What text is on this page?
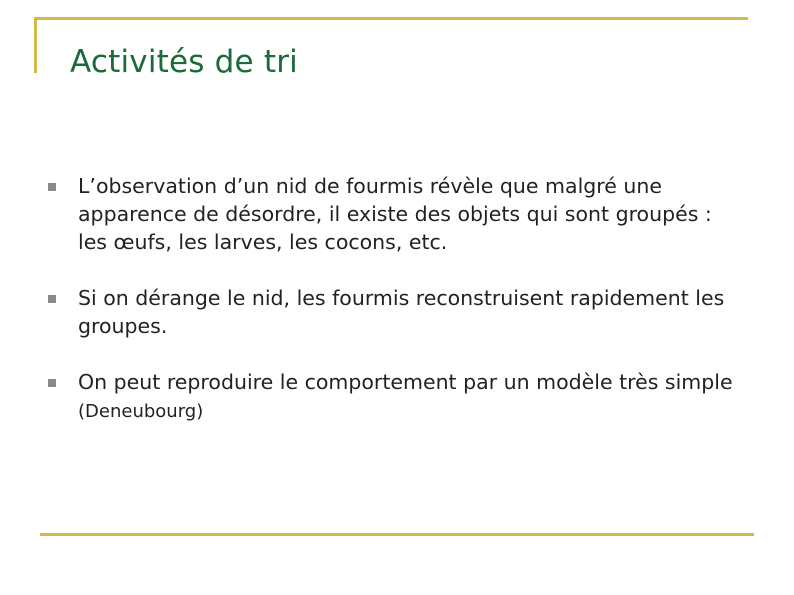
Activités de tri
L’observation d’un nid de fourmis révèle que malgré une apparence de désordre, il existe des objets qui sont groupés : les œufs, les larves, les cocons, etc.
Si on dérange le nid, les fourmis reconstruisent rapidement les groupes.
On peut reproduire le comportement par un modèle très simple (Deneubourg)
